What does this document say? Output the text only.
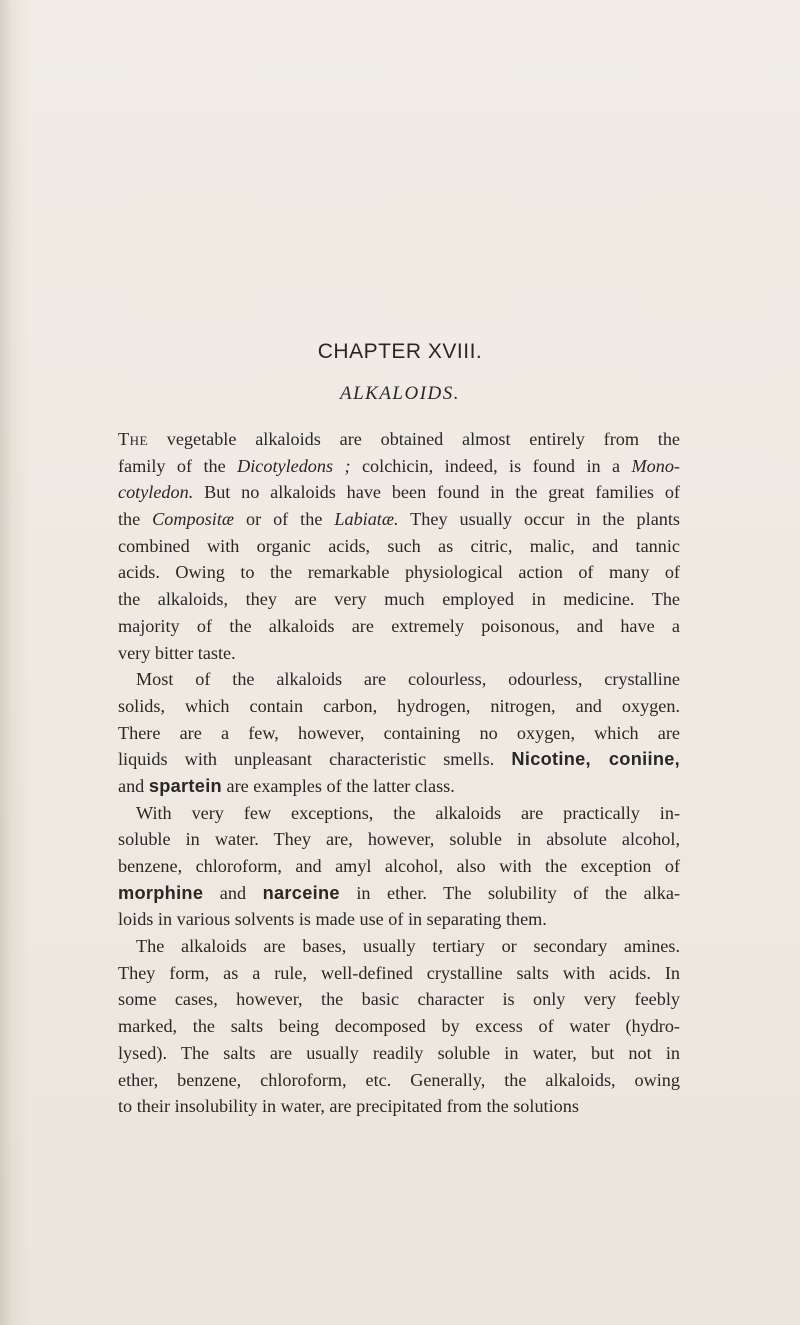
CHAPTER XVIII.
ALKALOIDS.
The vegetable alkaloids are obtained almost entirely from the
family of the Dicotyledons ; colchicin, indeed, is found in a Mono-
cotyledon. But no alkaloids have been found in the great families of
the Compositæ or of the Labiatæ. They usually occur in the plants
combined with organic acids, such as citric, malic, and tannic
acids. Owing to the remarkable physiological action of many of
the alkaloids, they are very much employed in medicine. The
majority of the alkaloids are extremely poisonous, and have a
very bitter taste.
Most of the alkaloids are colourless, odourless, crystalline
solids, which contain carbon, hydrogen, nitrogen, and oxygen.
There are a few, however, containing no oxygen, which are
liquids with unpleasant characteristic smells. Nicotine, coniine,
and spartein are examples of the latter class.
With very few exceptions, the alkaloids are practically in-
soluble in water. They are, however, soluble in absolute alcohol,
benzene, chloroform, and amyl alcohol, also with the exception of
morphine and narceine in ether. The solubility of the alka-
loids in various solvents is made use of in separating them.
The alkaloids are bases, usually tertiary or secondary amines.
They form, as a rule, well-defined crystalline salts with acids. In
some cases, however, the basic character is only very feebly
marked, the salts being decomposed by excess of water (hydro-
lysed). The salts are usually readily soluble in water, but not in
ether, benzene, chloroform, etc. Generally, the alkaloids, owing
to their insolubility in water, are precipitated from the solutions
